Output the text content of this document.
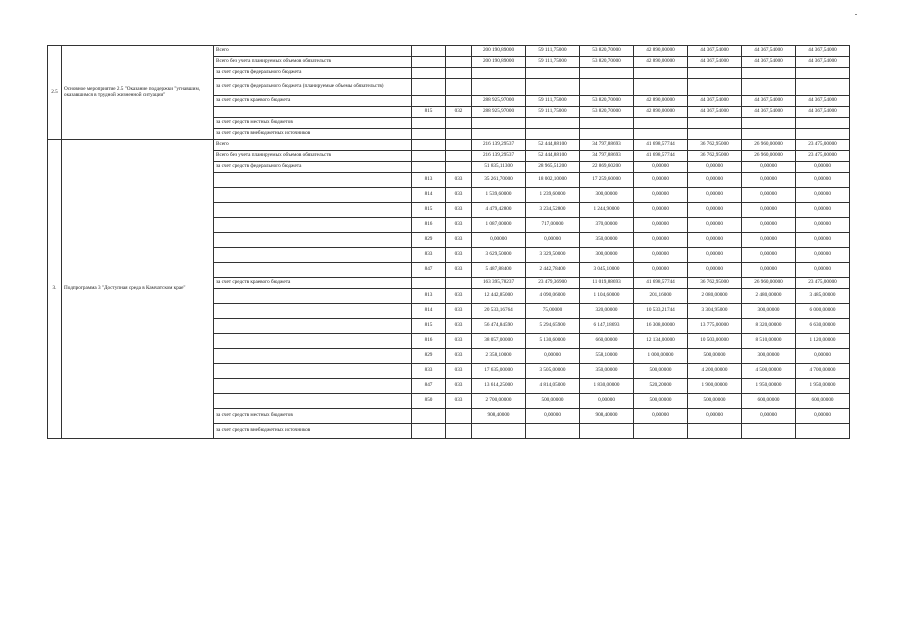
2.5	Основное мероприятие 2.5 "Оказание поддержки "угнавшим, оказавшимся в трудной жизненной ситуации"	Всего			200 190,89000	59 111,75000	53 820,70000	42 890,00000	44 367,54000	44 367,54000	44 367,54000
		Всего без учета планируемых объемов обязательств			200 190,89000	59 111,75000	53 820,70000	42 890,00000	44 367,54000	44 367,54000	44 367,54000
		за счет средств федерального бюджета									
		за счет средств федерального бюджета (планируемые объемы обязательств)									
		за счет средств краевого бюджета			288 925,97000	59 111,75000	53 820,70000	42 890,00000	44 367,54000	44 367,54000	44 367,54000
			815	032	288 925,97000	59 111,75000	53 820,70000	42 890,00000	44 367,54000	44 367,54000	44 367,54000
		за счет средств местных бюджетов									
		за счет средств внебюджетных источников									
3.	Подпрограмма 3 "Доступная среда в Камчатском крае"	Всего			216 139,29537	52 444,88100	34 797,88693	41 698,57744	36 762,95000	26 960,00000	23 475,00000
		Всего без учета планируемых объемов обязательств			216 139,29537	52 444,88100	34 797,88693	41 698,57744	36 762,95000	26 960,00000	23 475,00000
		за счет средств федерального бюджета			51 835,11300	28 965,51200	22 869,60200	0,00000	0,00000	0,00000	0,00000
			813	033	35 261,70000	18 002,10000	17 259,60000	0,00000	0,00000	0,00000	0,00000
			814	033	1 539,60000	1 239,60000	300,00000	0,00000	0,00000	0,00000	0,00000
			815	033	4 479,42800	3 234,52800	1 244,90000	0,00000	0,00000	0,00000	0,00000
			816	033	1 087,00000	717,00000	370,00000	0,00000	0,00000	0,00000	0,00000
			829	033	0,00000	0,00000	350,00000	0,00000	0,00000	0,00000	0,00000
			833	033	3 629,50000	3 329,50000	300,00000	0,00000	0,00000	0,00000	0,00000
			847	033	5 487,88400	2 442,78400	3 045,10000	0,00000	0,00000	0,00000	0,00000
		за счет средств краевого бюджета			163 395,78237	23 479,36900	11 019,88693	41 698,57744	36 762,95000	26 960,00000	23 475,00000
			813	033	12 442,85000	4 090,06000	1 104,60000	201,16000	2 080,00000	2 480,00000	3 485,00000
			814	033	20 533,16764	75,00000	320,00000	10 533,21744	3 304,95000	300,00000	6 000,00000
			815	033	56 474,84590	5 294,65900	6 147,18693	16 308,00000	13 775,00000	8 320,00000	6 630,00000
			816	033	38 057,00000	5 130,60000	660,00000	12 134,00000	10 503,00000	8 510,00000	1 120,00000
			829	033	2 358,10000	0,00000	558,10000	1 000,00000	500,00000	300,00000	0,00000
			833	033	17 635,00000	3 505,00000	350,00000	500,00000	4 200,00000	4 500,00000	4 700,00000
			847	033	13 614,25000	4 814,05000	1 830,00000	520,20000	1 900,00000	1 950,00000	1 950,00000
			850	033	2 700,00000	500,00000	0,00000	500,00000	500,00000	600,00000	600,00000
		за счет средств местных бюджетов			908,40000	0,00000	908,40000	0,00000	0,00000	0,00000	0,00000
		за счет средств внебюджетных источников									
